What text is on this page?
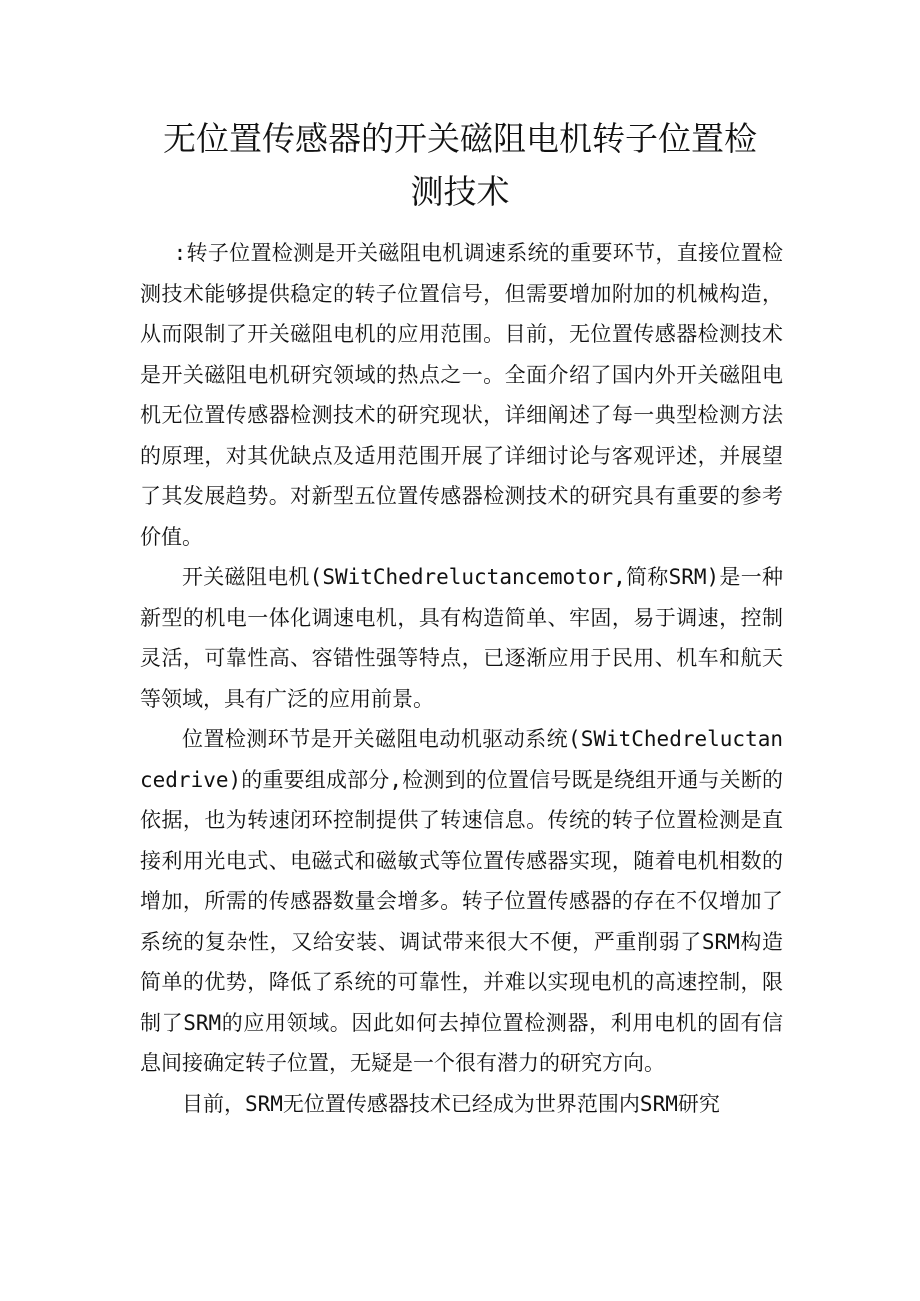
无位置传感器的开关磁阻电机转子位置检测技术

:转子位置检测是开关磁阻电机调速系统的重要环节，直接位置检测技术能够提供稳定的转子位置信号，但需要增加附加的机械构造，从而限制了开关磁阻电机的应用范围。目前，无位置传感器检测技术是开关磁阻电机研究领域的热点之一。全面介绍了国内外开关磁阻电机无位置传感器检测技术的研究现状，详细阐述了每一典型检测方法的原理，对其优缺点及适用范围开展了详细讨论与客观评述，并展望了其发展趋势。对新型五位置传感器检测技术的研究具有重要的参考价值。

开关磁阻电机(SWitChedreluctancemotor,简称SRM)是一种新型的机电一体化调速电机，具有构造简单、牢固，易于调速，控制灵活，可靠性高、容错性强等特点，已逐渐应用于民用、机车和航天等领域，具有广泛的应用前景。

位置检测环节是开关磁阻电动机驱动系统(SWitChedreluctancedrive)的重要组成部分,检测到的位置信号既是绕组开通与关断的依据，也为转速闭环控制提供了转速信息。传统的转子位置检测是直接利用光电式、电磁式和磁敏式等位置传感器实现，随着电机相数的增加，所需的传感器数量会增多。转子位置传感器的存在不仅增加了系统的复杂性，又给安装、调试带来很大不便，严重削弱了SRM构造简单的优势，降低了系统的可靠性，并难以实现电机的高速控制，限制了SRM的应用领域。因此如何去掉位置检测器，利用电机的固有信息间接确定转子位置，无疑是一个很有潜力的研究方向。

目前，SRM无位置传感器技术已经成为世界范围内SRM研究
